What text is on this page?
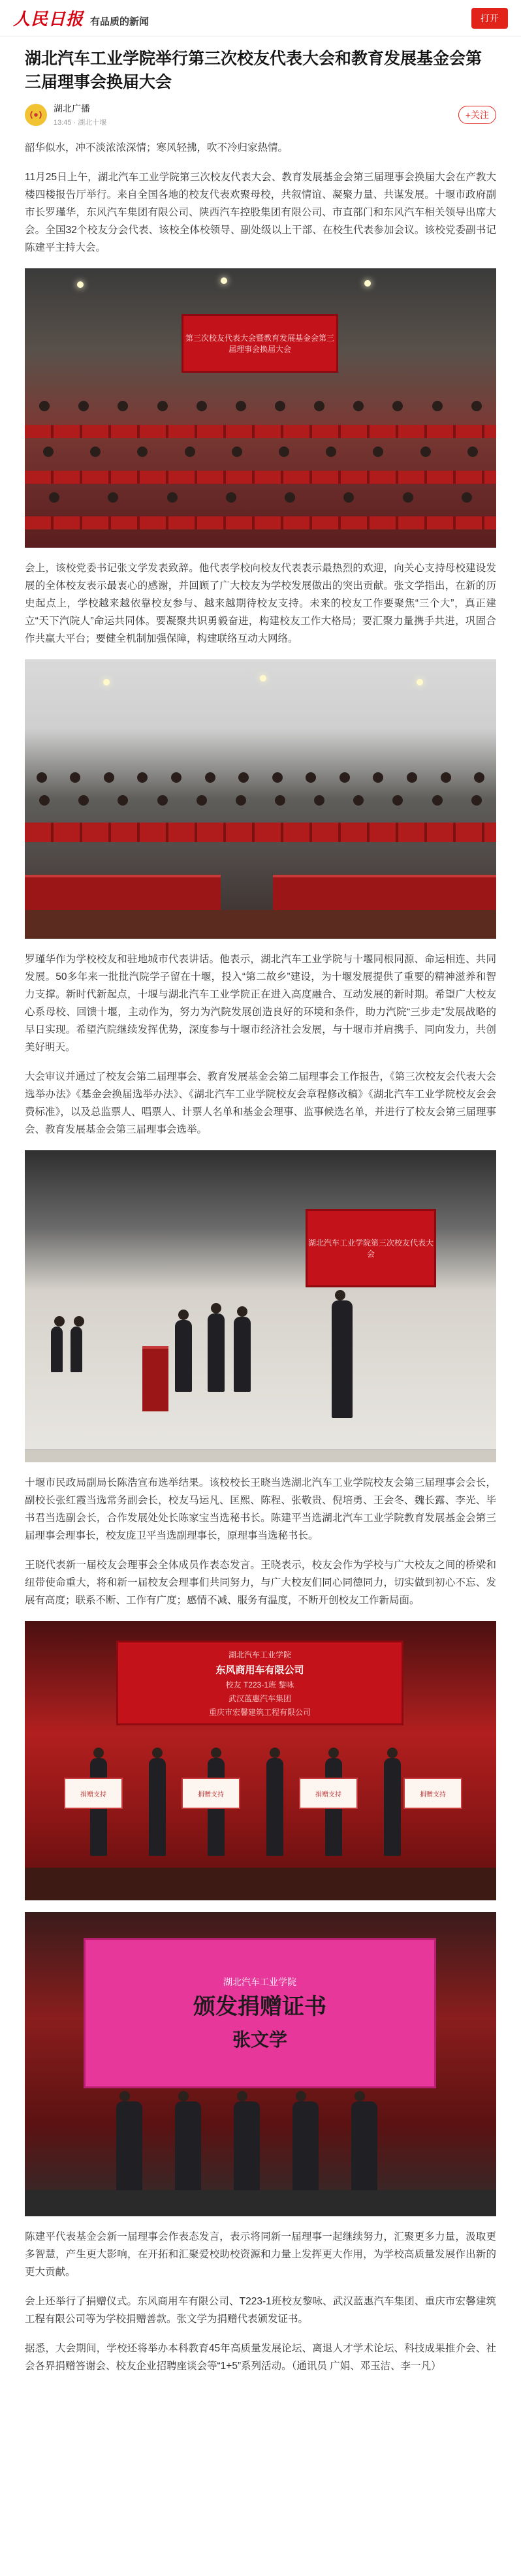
人民日报 有品质的新闻	打开
湖北汽车工业学院举行第三次校友代表大会和教育发展基金会第三届理事会换届大会
湖北广播
13:45 · 湖北十堰
+关注

韶华似水，冲不淡浓浓深情；寒风轻拂，吹不冷归家热情。

11月25日上午，湖北汽车工业学院第三次校友代表大会、教育发展基金会第三届理事会换届大会在产教大楼四楼报告厅举行。来自全国各地的校友代表欢聚母校，共叙情谊、凝聚力量、共谋发展。十堰市政府副市长罗瑾华，东风汽车集团有限公司、陕西汽车控股集团有限公司、市直部门和东风汽车相关领导出席大会。全国32个校友分会代表、该校全体校领导、副处级以上干部、在校生代表参加会议。该校党委副书记陈建平主持大会。

第三次校友代表大会暨教育发展基金会第三届理事会换届大会

会上，该校党委书记张文学发表致辞。他代表学校向校友代表表示最热烈的欢迎，向关心支持母校建设发展的全体校友表示最衷心的感谢，并回顾了广大校友为学校发展做出的突出贡献。张文学指出，在新的历史起点上，学校越来越依靠校友参与、越来越期待校友支持。未来的校友工作要聚焦“三个大”，真正建立“天下汽院人”命运共同体。要凝聚共识勇毅奋进，构建校友工作大格局；要汇聚力量携手共进，巩固合作共赢大平台；要健全机制加强保障，构建联络互动大网络。

罗瑾华作为学校校友和驻地城市代表讲话。他表示，湖北汽车工业学院与十堰同根同源、命运相连、共同发展。50多年来一批批汽院学子留在十堰，投入“第二故乡”建设，为十堰发展提供了重要的精神滋养和智力支撑。新时代新起点，十堰与湖北汽车工业学院正在进入高度融合、互动发展的新时期。希望广大校友心系母校、回馈十堰，主动作为，努力为汽院发展创造良好的环境和条件，助力汽院“三步走”发展战略的早日实现。希望汽院继续发挥优势，深度参与十堰市经济社会发展，与十堰市并肩携手、同向发力，共创美好明天。

大会审议并通过了校友会第二届理事会、教育发展基金会第二届理事会工作报告，《第三次校友会代表大会选举办法》《基金会换届选举办法》、《湖北汽车工业学院校友会章程修改稿》《湖北汽车工业学院校友会会费标准》，以及总监票人、唱票人、计票人名单和基金会理事、监事候选名单，并进行了校友会第三届理事会、教育发展基金会第三届理事会选举。

湖北汽车工业学院第三次校友代表大会

十堰市民政局副局长陈浩宣布选举结果。该校校长王晓当选湖北汽车工业学院校友会第三届理事会会长，副校长张红霞当选常务副会长，校友马运凡、匡熙、陈程、张敬贵、倪培勇、王会冬、魏长露、李光、毕书君当选副会长，合作发展处处长陈家宝当选秘书长。陈建平当选湖北汽车工业学院教育发展基金会第三届理事会理事长，校友庞卫平当选副理事长，原理事当选秘书长。

王晓代表新一届校友会理事会全体成员作表态发言。王晓表示，校友会作为学校与广大校友之间的桥梁和纽带使命重大，将和新一届校友会理事们共同努力，与广大校友们同心同德同力，切实做到初心不忘、发展有高度；联系不断、工作有广度；感情不减、服务有温度，不断开创校友工作新局面。

湖北汽车工业学院
东风商用车有限公司
校友 T223-1班 黎咏
武汉蓝惠汽车集团
重庆市宏馨建筑工程有限公司
捐赠支持	捐赠支持	捐赠支持	捐赠支持
湖北汽车工业学院
颁发捐赠证书
张文学

陈建平代表基金会新一届理事会作表态发言，表示将同新一届理事一起继续努力，汇聚更多力量，汲取更多智慧，产生更大影响，在开拓和汇聚爱校助校资源和力量上发挥更大作用，为学校高质量发展作出新的更大贡献。

会上还举行了捐赠仪式。东风商用车有限公司、T223-1班校友黎咏、武汉蓝惠汽车集团、重庆市宏馨建筑工程有限公司等为学校捐赠善款。张文学为捐赠代表颁发证书。

据悉，大会期间，学校还将举办本科教育45年高质量发展论坛、离退人才学术论坛、科技成果推介会、社会各界捐赠答谢会、校友企业招聘座谈会等“1+5”系列活动。（通讯员 广娟、邓玉洁、李一凡）
